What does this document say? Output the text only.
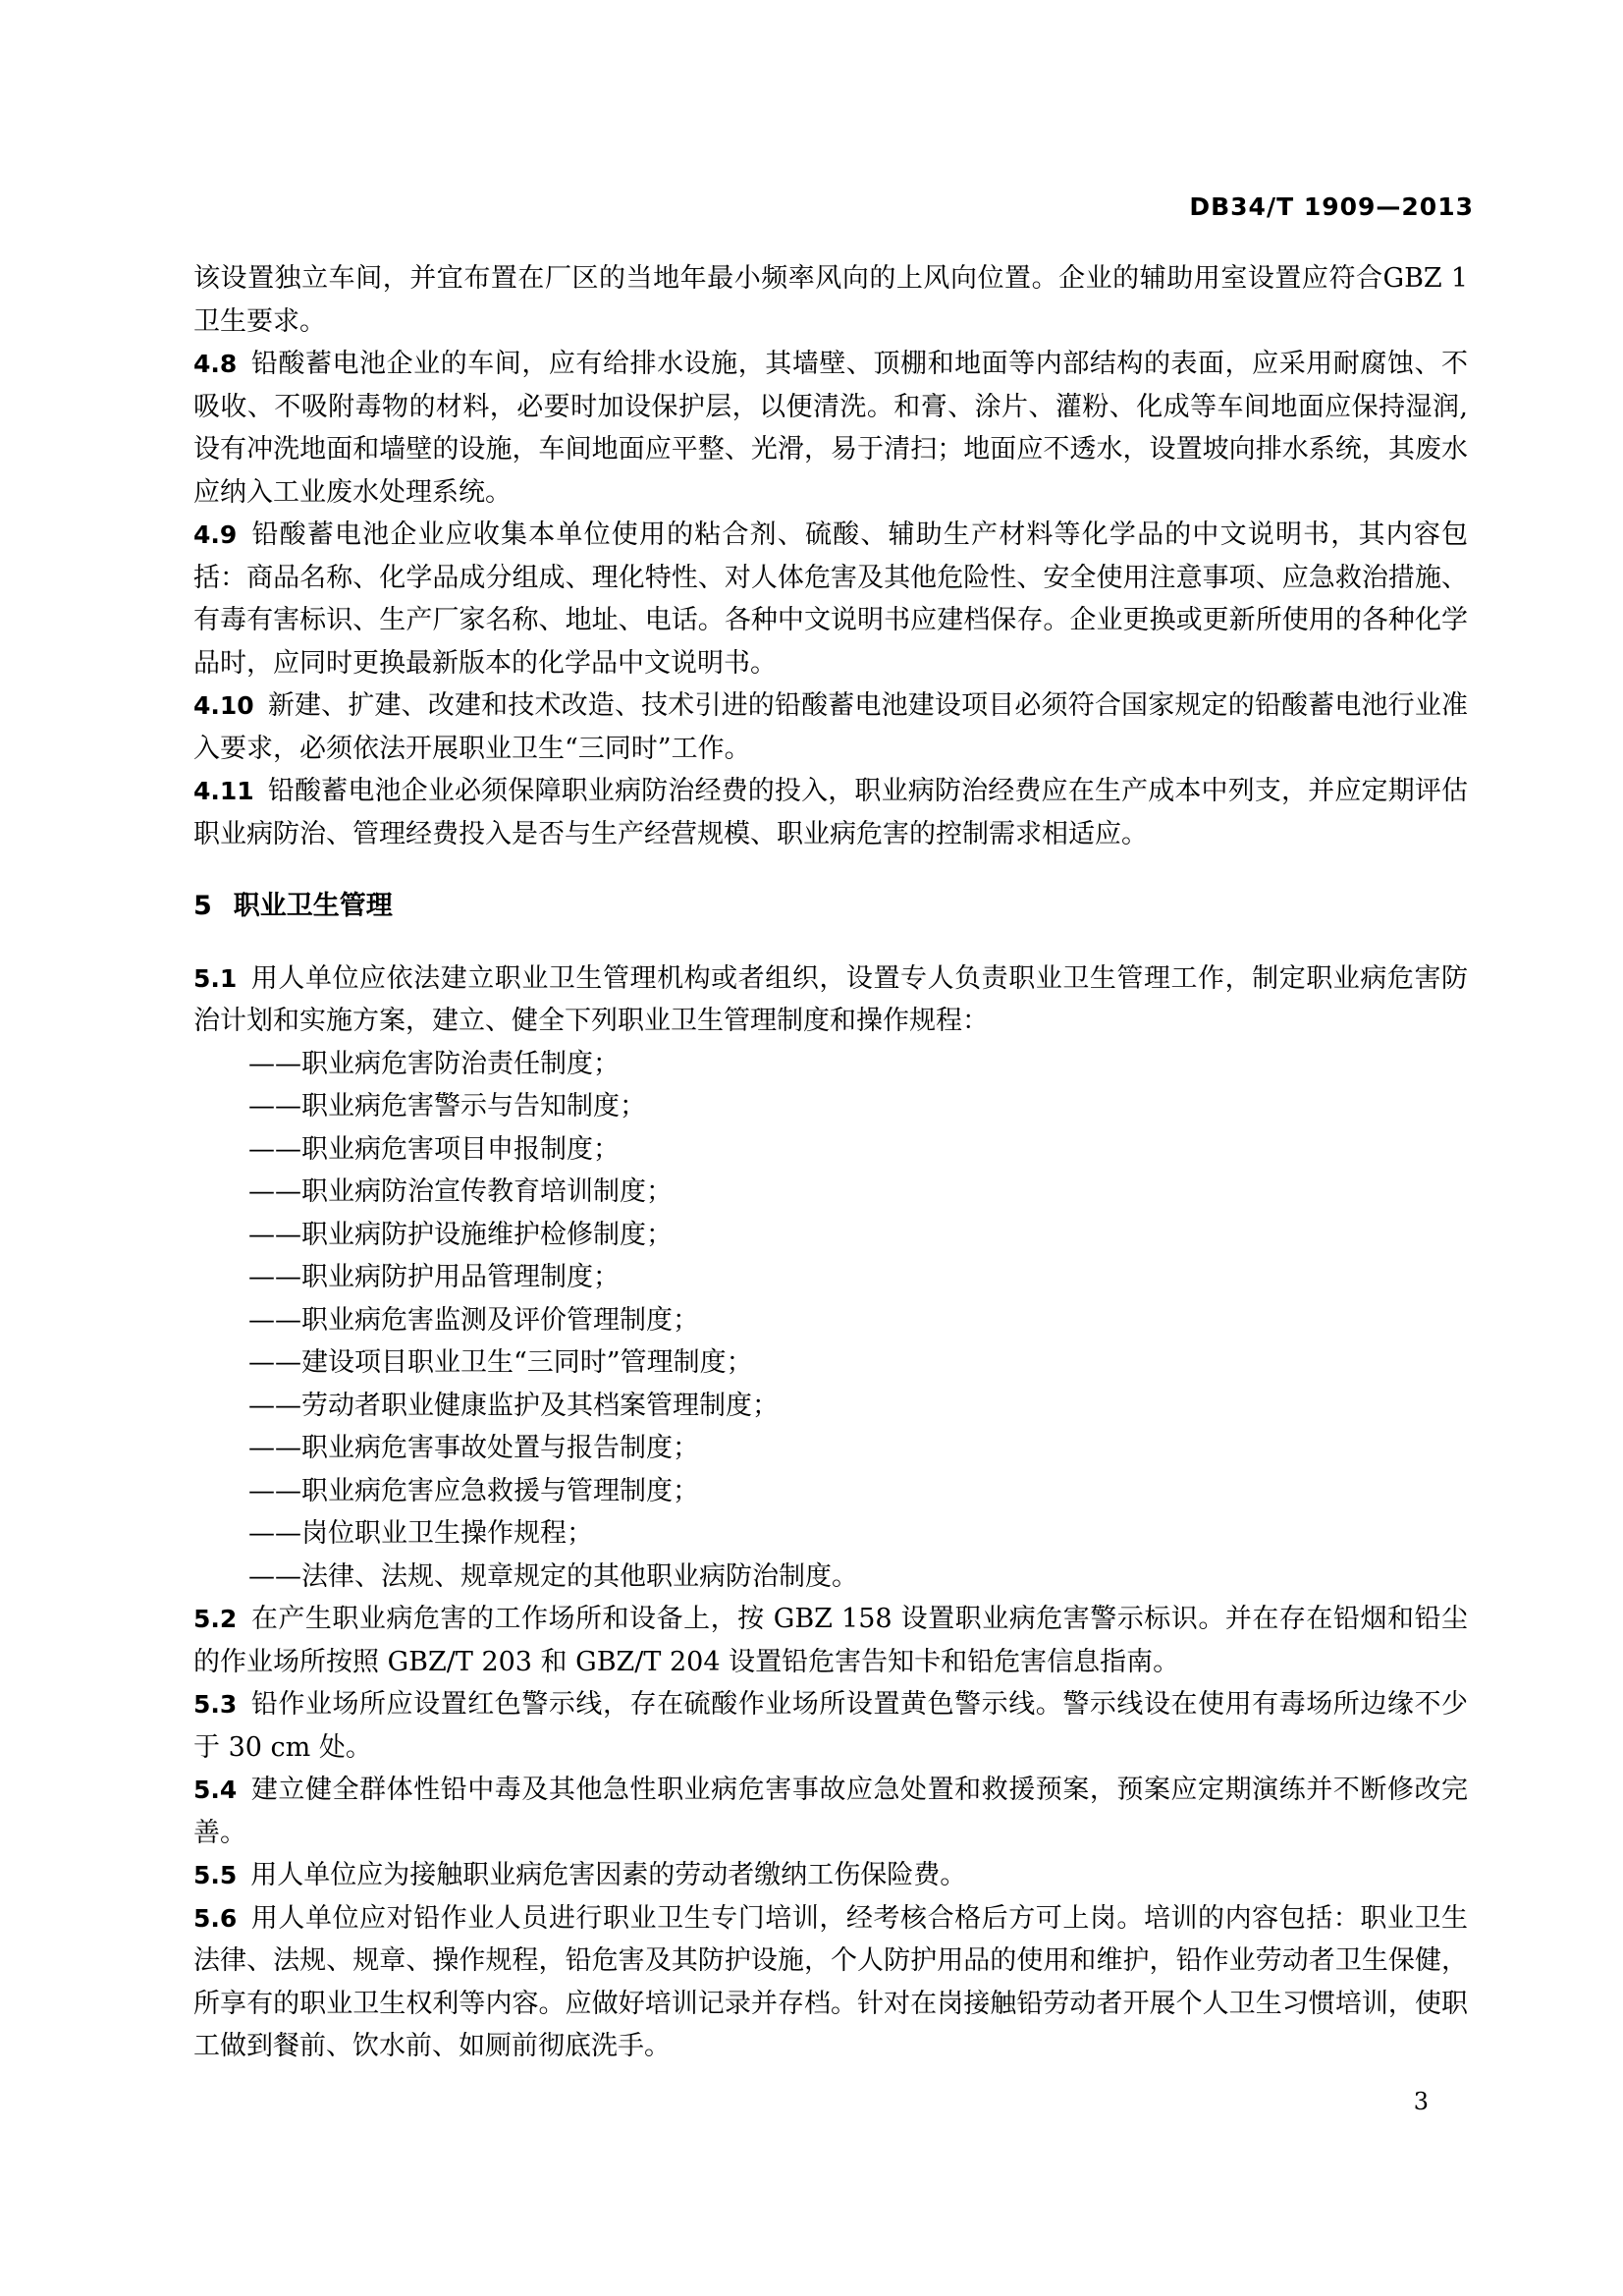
DB34/T 1909—2013

该设置独立车间，并宜布置在厂区的当地年最小频率风向的上风向位置。企业的辅助用室设置应符合GBZ 1卫生要求。

4.8 铅酸蓄电池企业的车间，应有给排水设施，其墙壁、顶棚和地面等内部结构的表面，应采用耐腐蚀、不吸收、不吸附毒物的材料，必要时加设保护层，以便清洗。和膏、涂片、灌粉、化成等车间地面应保持湿润,设有冲洗地面和墙壁的设施，车间地面应平整、光滑，易于清扫；地面应不透水，设置坡向排水系统，其废水应纳入工业废水处理系统。

4.9 铅酸蓄电池企业应收集本单位使用的粘合剂、硫酸、辅助生产材料等化学品的中文说明书，其内容包括：商品名称、化学品成分组成、理化特性、对人体危害及其他危险性、安全使用注意事项、应急救治措施、有毒有害标识、生产厂家名称、地址、电话。各种中文说明书应建档保存。企业更换或更新所使用的各种化学品时，应同时更换最新版本的化学品中文说明书。

4.10 新建、扩建、改建和技术改造、技术引进的铅酸蓄电池建设项目必须符合国家规定的铅酸蓄电池行业准入要求，必须依法开展职业卫生“三同时”工作。

4.11 铅酸蓄电池企业必须保障职业病防治经费的投入，职业病防治经费应在生产成本中列支，并应定期评估职业病防治、管理经费投入是否与生产经营规模、职业病危害的控制需求相适应。

5 职业卫生管理

5.1 用人单位应依法建立职业卫生管理机构或者组织，设置专人负责职业卫生管理工作，制定职业病危害防治计划和实施方案，建立、健全下列职业卫生管理制度和操作规程：

——职业病危害防治责任制度；
——职业病危害警示与告知制度；
——职业病危害项目申报制度；
——职业病防治宣传教育培训制度；
——职业病防护设施维护检修制度；
——职业病防护用品管理制度；
——职业病危害监测及评价管理制度；
——建设项目职业卫生“三同时”管理制度；
——劳动者职业健康监护及其档案管理制度；
——职业病危害事故处置与报告制度；
——职业病危害应急救援与管理制度；
——岗位职业卫生操作规程；
——法律、法规、规章规定的其他职业病防治制度。

5.2 在产生职业病危害的工作场所和设备上，按 GBZ 158 设置职业病危害警示标识。并在存在铅烟和铅尘的作业场所按照 GBZ/T 203 和 GBZ/T 204 设置铅危害告知卡和铅危害信息指南。

5.3 铅作业场所应设置红色警示线，存在硫酸作业场所设置黄色警示线。警示线设在使用有毒场所边缘不少于 30 cm 处。

5.4 建立健全群体性铅中毒及其他急性职业病危害事故应急处置和救援预案，预案应定期演练并不断修改完善。

5.5 用人单位应为接触职业病危害因素的劳动者缴纳工伤保险费。

5.6 用人单位应对铅作业人员进行职业卫生专门培训，经考核合格后方可上岗。培训的内容包括：职业卫生法律、法规、规章、操作规程，铅危害及其防护设施，个人防护用品的使用和维护，铅作业劳动者卫生保健，所享有的职业卫生权利等内容。应做好培训记录并存档。针对在岗接触铅劳动者开展个人卫生习惯培训，使职工做到餐前、饮水前、如厕前彻底洗手。

3
